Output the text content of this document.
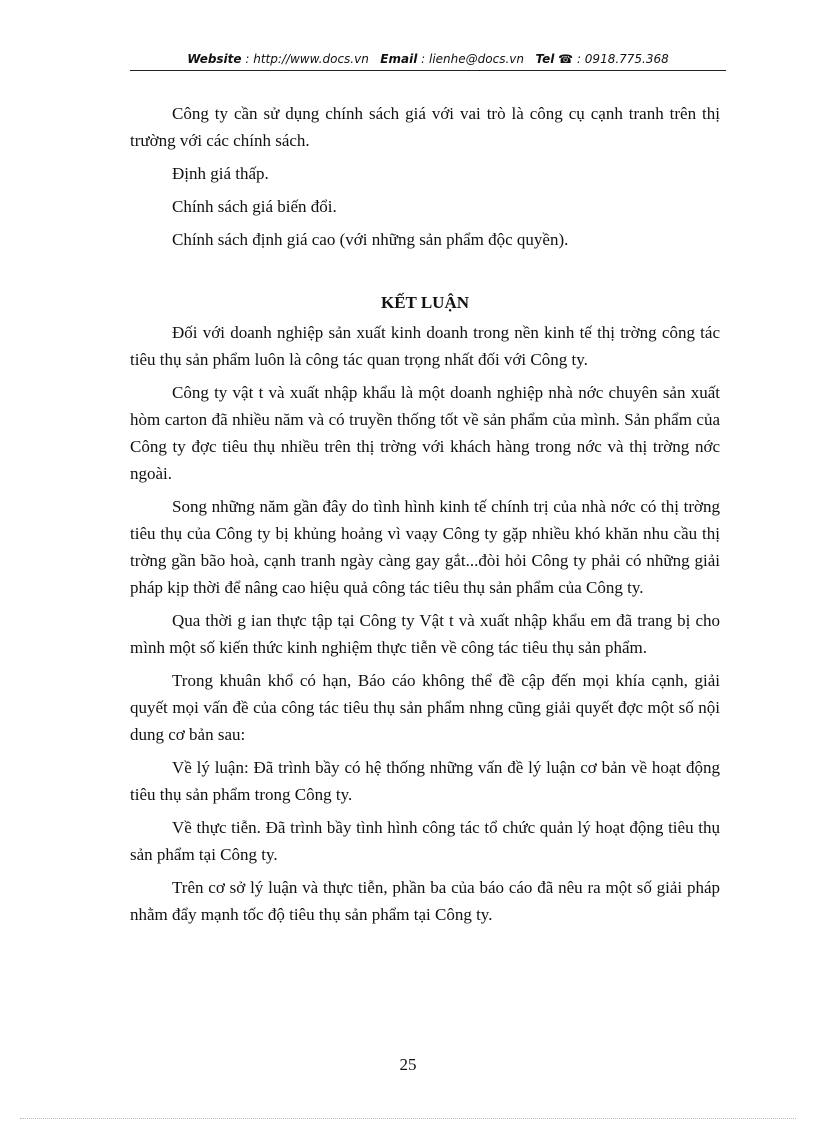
Website : http://www.docs.vn Email : lienhe@docs.vn Tel ☎ : 0918.775.368

Công ty cần sử dụng chính sách giá với vai trò là công cụ cạnh tranh trên thị trường với các chính sách.

Định giá thấp.

Chính sách giá biến đổi.

Chính sách định giá cao (với những sản phẩm độc quyền).

KẾT LUẬN

Đối với doanh nghiệp sản xuất kinh doanh trong nền kinh tế thị trờng công tác tiêu thụ sản phẩm luôn là công tác quan trọng nhất đối với Công ty.

Công ty vật t và xuất nhập khẩu là một doanh nghiệp nhà nớc chuyên sản xuất hòm carton đã nhiều năm và có truyền thống tốt về sản phẩm của mình. Sản phẩm của Công ty đợc tiêu thụ nhiều trên thị trờng với khách hàng trong nớc và thị trờng nớc ngoài.

Song những năm gần đây do tình hình kinh tế chính trị của nhà nớc có thị trờng tiêu thụ của Công ty bị khủng hoảng vì vaạy Công ty gặp nhiều khó khăn nhu cầu thị trờng gần bão hoà, cạnh tranh ngày càng gay gắt...đòi hỏi Công ty phải có những giải pháp kịp thời để nâng cao hiệu quả công tác tiêu thụ sản phẩm của Công ty.

Qua thời g ian thực tập tại Công ty Vật t và xuất nhập khẩu em đã trang bị cho mình một số kiến thức kinh nghiệm thực tiễn về công tác tiêu thụ sản phẩm.

Trong khuân khổ có hạn, Báo cáo không thể đề cập đến mọi khía cạnh, giải quyết mọi vấn đề của công tác tiêu thụ sản phẩm nhng cũng giải quyết đợc một số nội dung cơ bản sau:

Về lý luận: Đã trình bầy có hệ thống những vấn đề lý luận cơ bản về hoạt động tiêu thụ sản phẩm trong Công ty.

Về thực tiễn. Đã trình bầy tình hình công tác tổ chức quản lý hoạt động tiêu thụ sản phẩm tại Công ty.

Trên cơ sở lý luận và thực tiễn, phần ba của báo cáo đã nêu ra một số giải pháp nhằm đẩy mạnh tốc độ tiêu thụ sản phẩm tại Công ty.

25
